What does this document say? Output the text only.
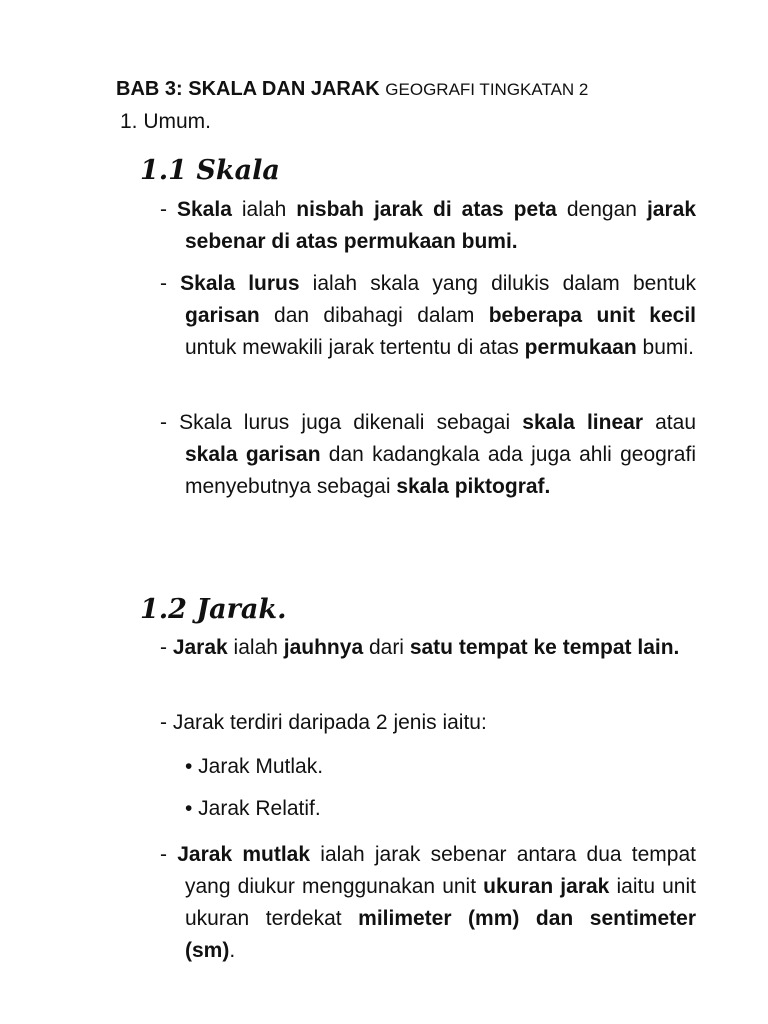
BAB 3: SKALA DAN JARAK GEOGRAFI TINGKATAN 2
1. Umum.
1.1 Skala
- Skala ialah nisbah jarak di atas peta dengan jarak sebenar di atas permukaan bumi.
- Skala lurus ialah skala yang dilukis dalam bentuk garisan dan dibahagi dalam beberapa unit kecil untuk mewakili jarak tertentu di atas permukaan bumi.
- Skala lurus juga dikenali sebagai skala linear atau skala garisan dan kadangkala ada juga ahli geografi menyebutnya sebagai skala piktograf.
1.2 Jarak.
- Jarak ialah jauhnya dari satu tempat ke tempat lain.
- Jarak terdiri daripada 2 jenis iaitu:
• Jarak Mutlak.
• Jarak Relatif.
- Jarak mutlak ialah jarak sebenar antara dua tempat yang diukur menggunakan unit ukuran jarak iaitu unit ukuran terdekat milimeter (mm) dan sentimeter (sm).
